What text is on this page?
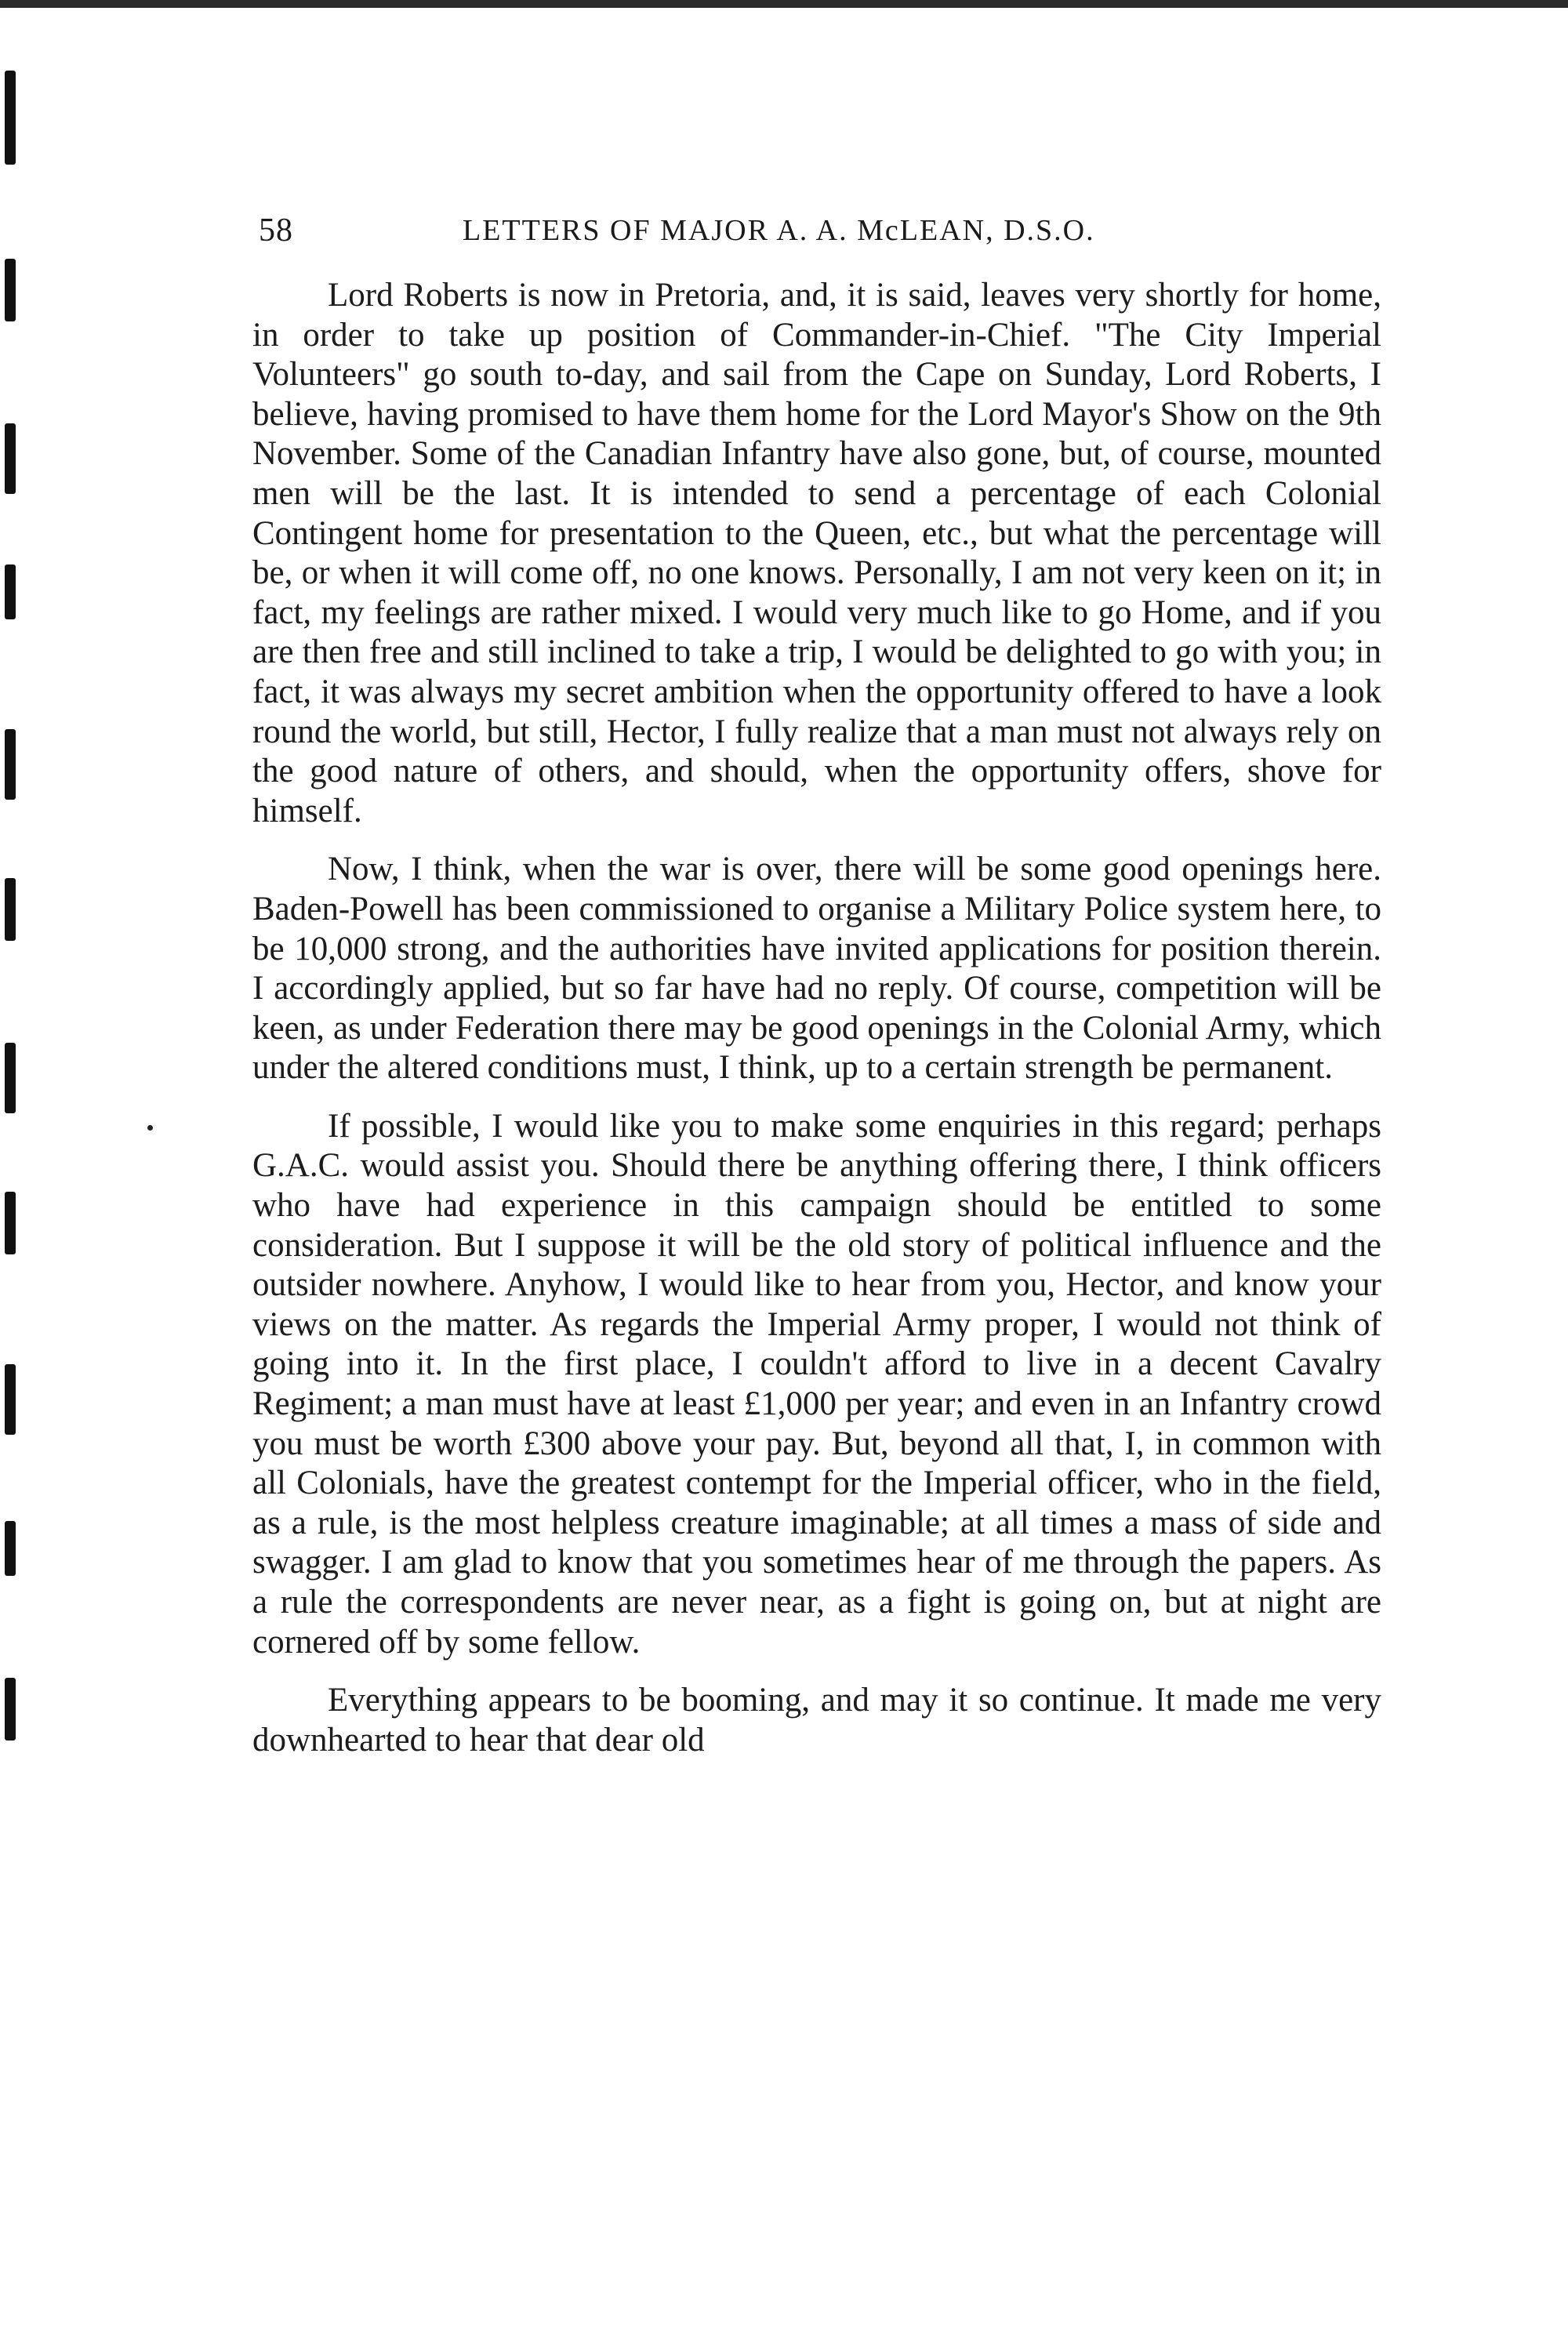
58	LETTERS OF MAJOR A. A. McLEAN, D.S.O.

Lord Roberts is now in Pretoria, and, it is said, leaves very shortly for home, in order to take up position of Commander-in-Chief. "The City Imperial Volunteers" go south to-day, and sail from the Cape on Sunday, Lord Roberts, I believe, having promised to have them home for the Lord Mayor's Show on the 9th November. Some of the Canadian Infantry have also gone, but, of course, mounted men will be the last. It is intended to send a percentage of each Colonial Contingent home for presentation to the Queen, etc., but what the percentage will be, or when it will come off, no one knows. Personally, I am not very keen on it; in fact, my feelings are rather mixed. I would very much like to go Home, and if you are then free and still inclined to take a trip, I would be delighted to go with you; in fact, it was always my secret ambition when the opportunity offered to have a look round the world, but still, Hector, I fully realize that a man must not always rely on the good nature of others, and should, when the opportunity offers, shove for himself.

Now, I think, when the war is over, there will be some good openings here. Baden-Powell has been commissioned to organise a Military Police system here, to be 10,000 strong, and the authorities have invited applications for position therein. I accordingly applied, but so far have had no reply. Of course, competition will be keen, as under Federation there may be good openings in the Colonial Army, which under the altered conditions must, I think, up to a certain strength be permanent.

If possible, I would like you to make some enquiries in this regard; perhaps G.A.C. would assist you. Should there be anything offering there, I think officers who have had experience in this campaign should be entitled to some consideration. But I suppose it will be the old story of political influence and the outsider nowhere. Anyhow, I would like to hear from you, Hector, and know your views on the matter. As regards the Imperial Army proper, I would not think of going into it. In the first place, I couldn't afford to live in a decent Cavalry Regiment; a man must have at least £1,000 per year; and even in an Infantry crowd you must be worth £300 above your pay. But, beyond all that, I, in common with all Colonials, have the greatest contempt for the Imperial officer, who in the field, as a rule, is the most helpless creature imaginable; at all times a mass of side and swagger. I am glad to know that you sometimes hear of me through the papers. As a rule the correspondents are never near, as a fight is going on, but at night are cornered off by some fellow.

Everything appears to be booming, and may it so continue. It made me very downhearted to hear that dear old
